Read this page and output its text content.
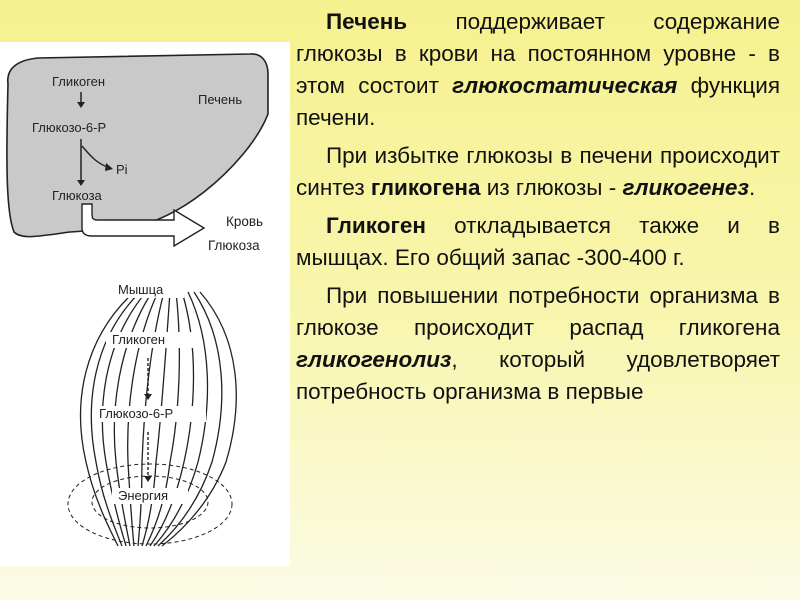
Гликоген
Печень
Глюкозо-6-Р
Pi
Глюкоза
Кровь
Глюкоза
Мышца
Гликоген
Глюкозо-6-Р
Энергия

Печень поддерживает содержание глюкозы в крови на постоянном уровне - в этом состоит глюкостатическая функция печени.

При избытке глюкозы в печени происходит синтез гликогена из глюкозы - гликогенез.

Гликоген откладывается также и в мышцах. Его общий запас -300-400 г.

При повышении потребности организма в глюкозе происходит распад гликогена гликогенолиз, который удовлетворяет потребность организма в первые
